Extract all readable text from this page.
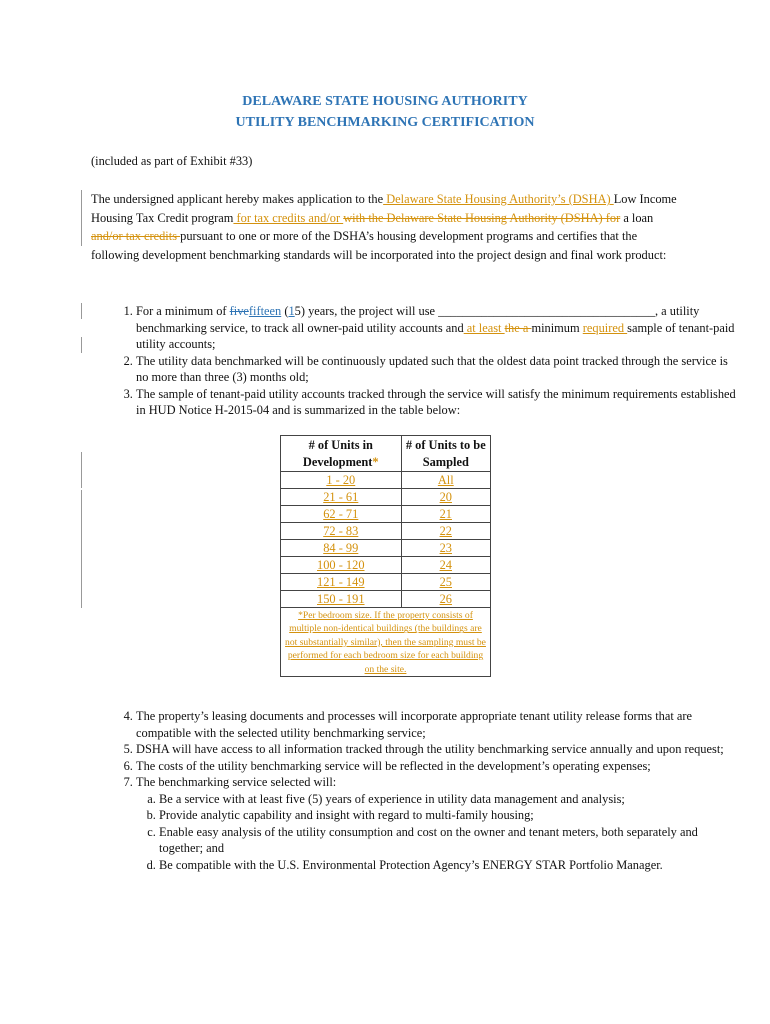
DELAWARE STATE HOUSING AUTHORITY
UTILITY BENCHMARKING CERTIFICATION
(included as part of Exhibit #33)
The undersigned applicant hereby makes application to the Delaware State Housing Authority’s (DSHA) Low Income Housing Tax Credit program for tax credits and/or with the Delaware State Housing Authority (DSHA) for a loan and/or tax credits pursuant to one or more of the DSHA’s housing development programs and certifies that the following development benchmarking standards will be incorporated into the project design and final work product:
1. For a minimum of fivefifteen (15) years, the project will use ___________________________________, a utility benchmarking service, to track all owner-paid utility accounts and at least the a minimum required sample of tenant-paid utility accounts;
2. The utility data benchmarked will be continuously updated such that the oldest data point tracked through the service is no more than three (3) months old;
3. The sample of tenant-paid utility accounts tracked through the service will satisfy the minimum requirements established in HUD Notice H-2015-04 and is summarized in the table below:
# of Units in Development*	# of Units to be Sampled
1 - 20	All
21 - 61	20
62 - 71	21
72 - 83	22
84 - 99	23
100 - 120	24
121 - 149	25
150 - 191	26
*Per bedroom size. If the property consists of multiple non-identical buildings (the buildings are not substantially similar), then the sampling must be performed for each bedroom size for each building on the site.	
4. The property’s leasing documents and processes will incorporate appropriate tenant utility release forms that are compatible with the selected utility benchmarking service;
5. DSHA will have access to all information tracked through the utility benchmarking service annually and upon request;
6. The costs of the utility benchmarking service will be reflected in the development’s operating expenses;
7. The benchmarking service selected will:
a. Be a service with at least five (5) years of experience in utility data management and analysis;
b. Provide analytic capability and insight with regard to multi-family housing;
c. Enable easy analysis of the utility consumption and cost on the owner and tenant meters, both separately and together; and
d. Be compatible with the U.S. Environmental Protection Agency’s ENERGY STAR Portfolio Manager.
